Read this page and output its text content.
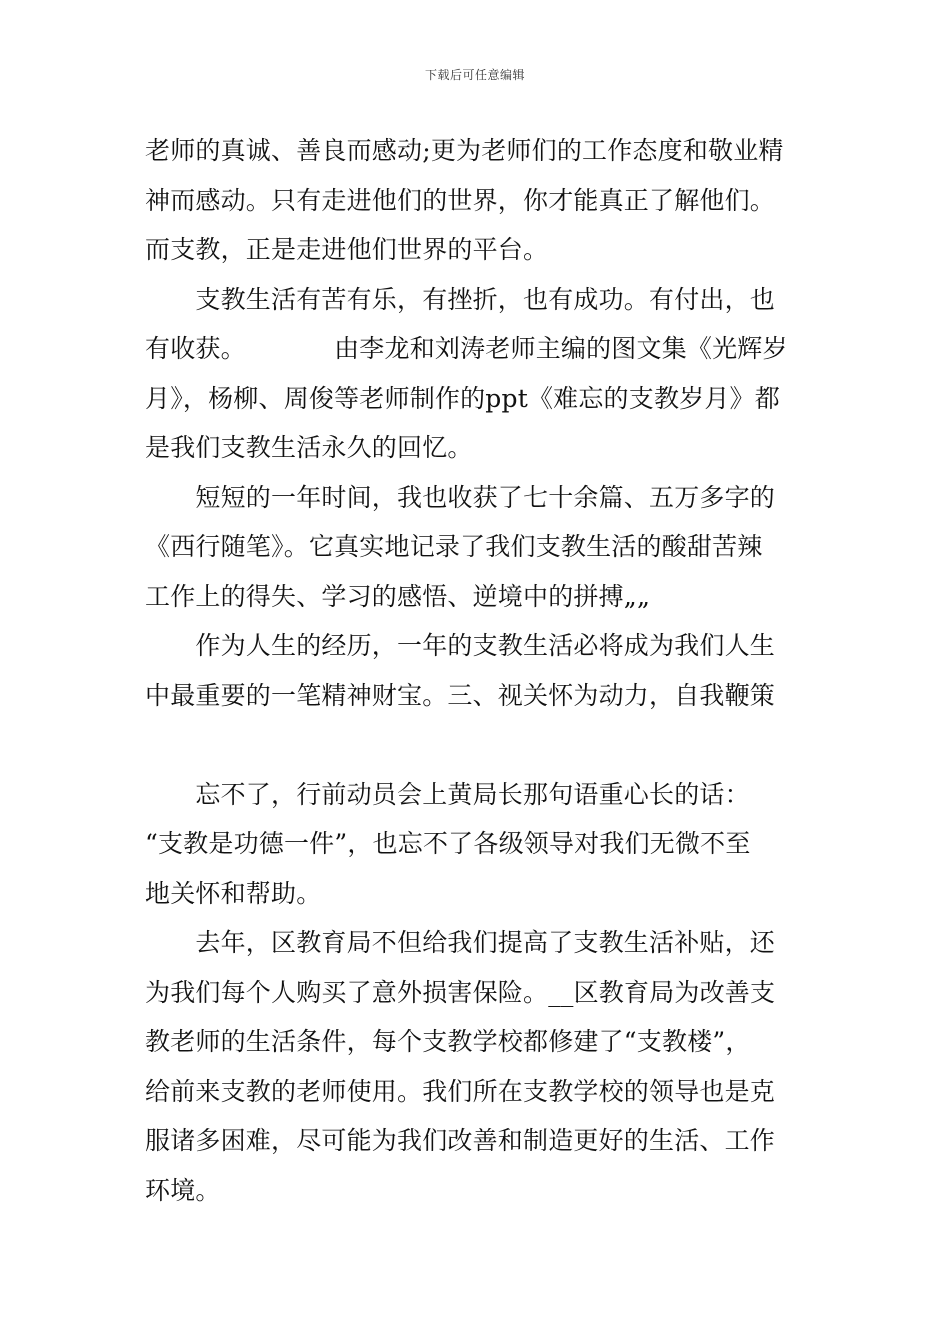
下载后可任意编辑
老师的真诚、善良而感动;更为老师们的工作态度和敬业精
神而感动。只有走进他们的世界，你才能真正了解他们。
而支教，正是走进他们世界的平台。
　　支教生活有苦有乐，有挫折，也有成功。有付出，也
有收获。　　　　由李龙和刘涛老师主编的图文集《光辉岁
月》，杨柳、周俊等老师制作的ppt《难忘的支教岁月》都
是我们支教生活永久的回忆。
　　短短的一年时间，我也收获了七十余篇、五万多字的
《西行随笔》。它真实地记录了我们支教生活的酸甜苦辣
工作上的得失、学习的感悟、逆境中的拼搏„„
　　作为人生的经历，一年的支教生活必将成为我们人生
中最重要的一笔精神财宝。三、视关怀为动力，自我鞭策
　　忘不了，行前动员会上黄局长那句语重心长的话：
“支教是功德一件”，也忘不了各级领导对我们无微不至
地关怀和帮助。
　　去年，区教育局不但给我们提高了支教生活补贴，还
为我们每个人购买了意外损害保险。__区教育局为改善支
教老师的生活条件，每个支教学校都修建了“支教楼”，
给前来支教的老师使用。我们所在支教学校的领导也是克
服诸多困难，尽可能为我们改善和制造更好的生活、工作
环境。
